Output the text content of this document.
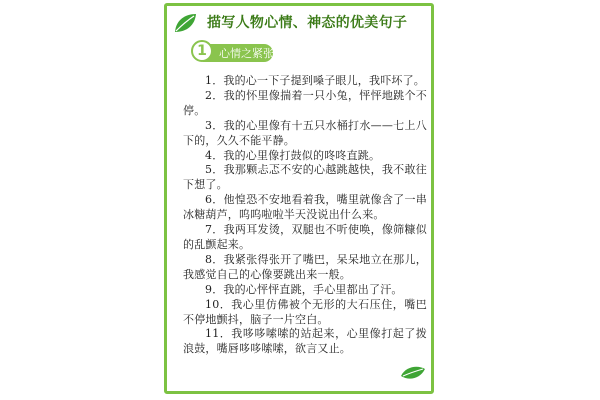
描写人物心情、神态的优美句子
1	心情之紧张

1．我的心一下子提到嗓子眼儿，我吓坏了。

2．我的怀里像揣着一只小兔，怦怦地跳个不停。

3．我的心里像有十五只水桶打水——七上八下的，久久不能平静。

4．我的心里像打鼓似的咚咚直跳。

5．我那颗忐忑不安的心越跳越快，我不敢往下想了。

6．他惶恐不安地看着我，嘴里就像含了一串冰糖葫芦，呜呜啦啦半天没说出什么来。

7．我两耳发烫，双腿也不听使唤，像筛糠似的乱颤起来。

8．我紧张得张开了嘴巴，呆呆地立在那儿，我感觉自己的心像要跳出来一般。

9．我的心怦怦直跳，手心里都出了汗。

10．我心里仿佛被个无形的大石压住，嘴巴不停地颤抖，脑子一片空白。

11．我哆哆嗦嗦的站起来，心里像打起了拨浪鼓，嘴唇哆哆嗦嗦，欲言又止。
